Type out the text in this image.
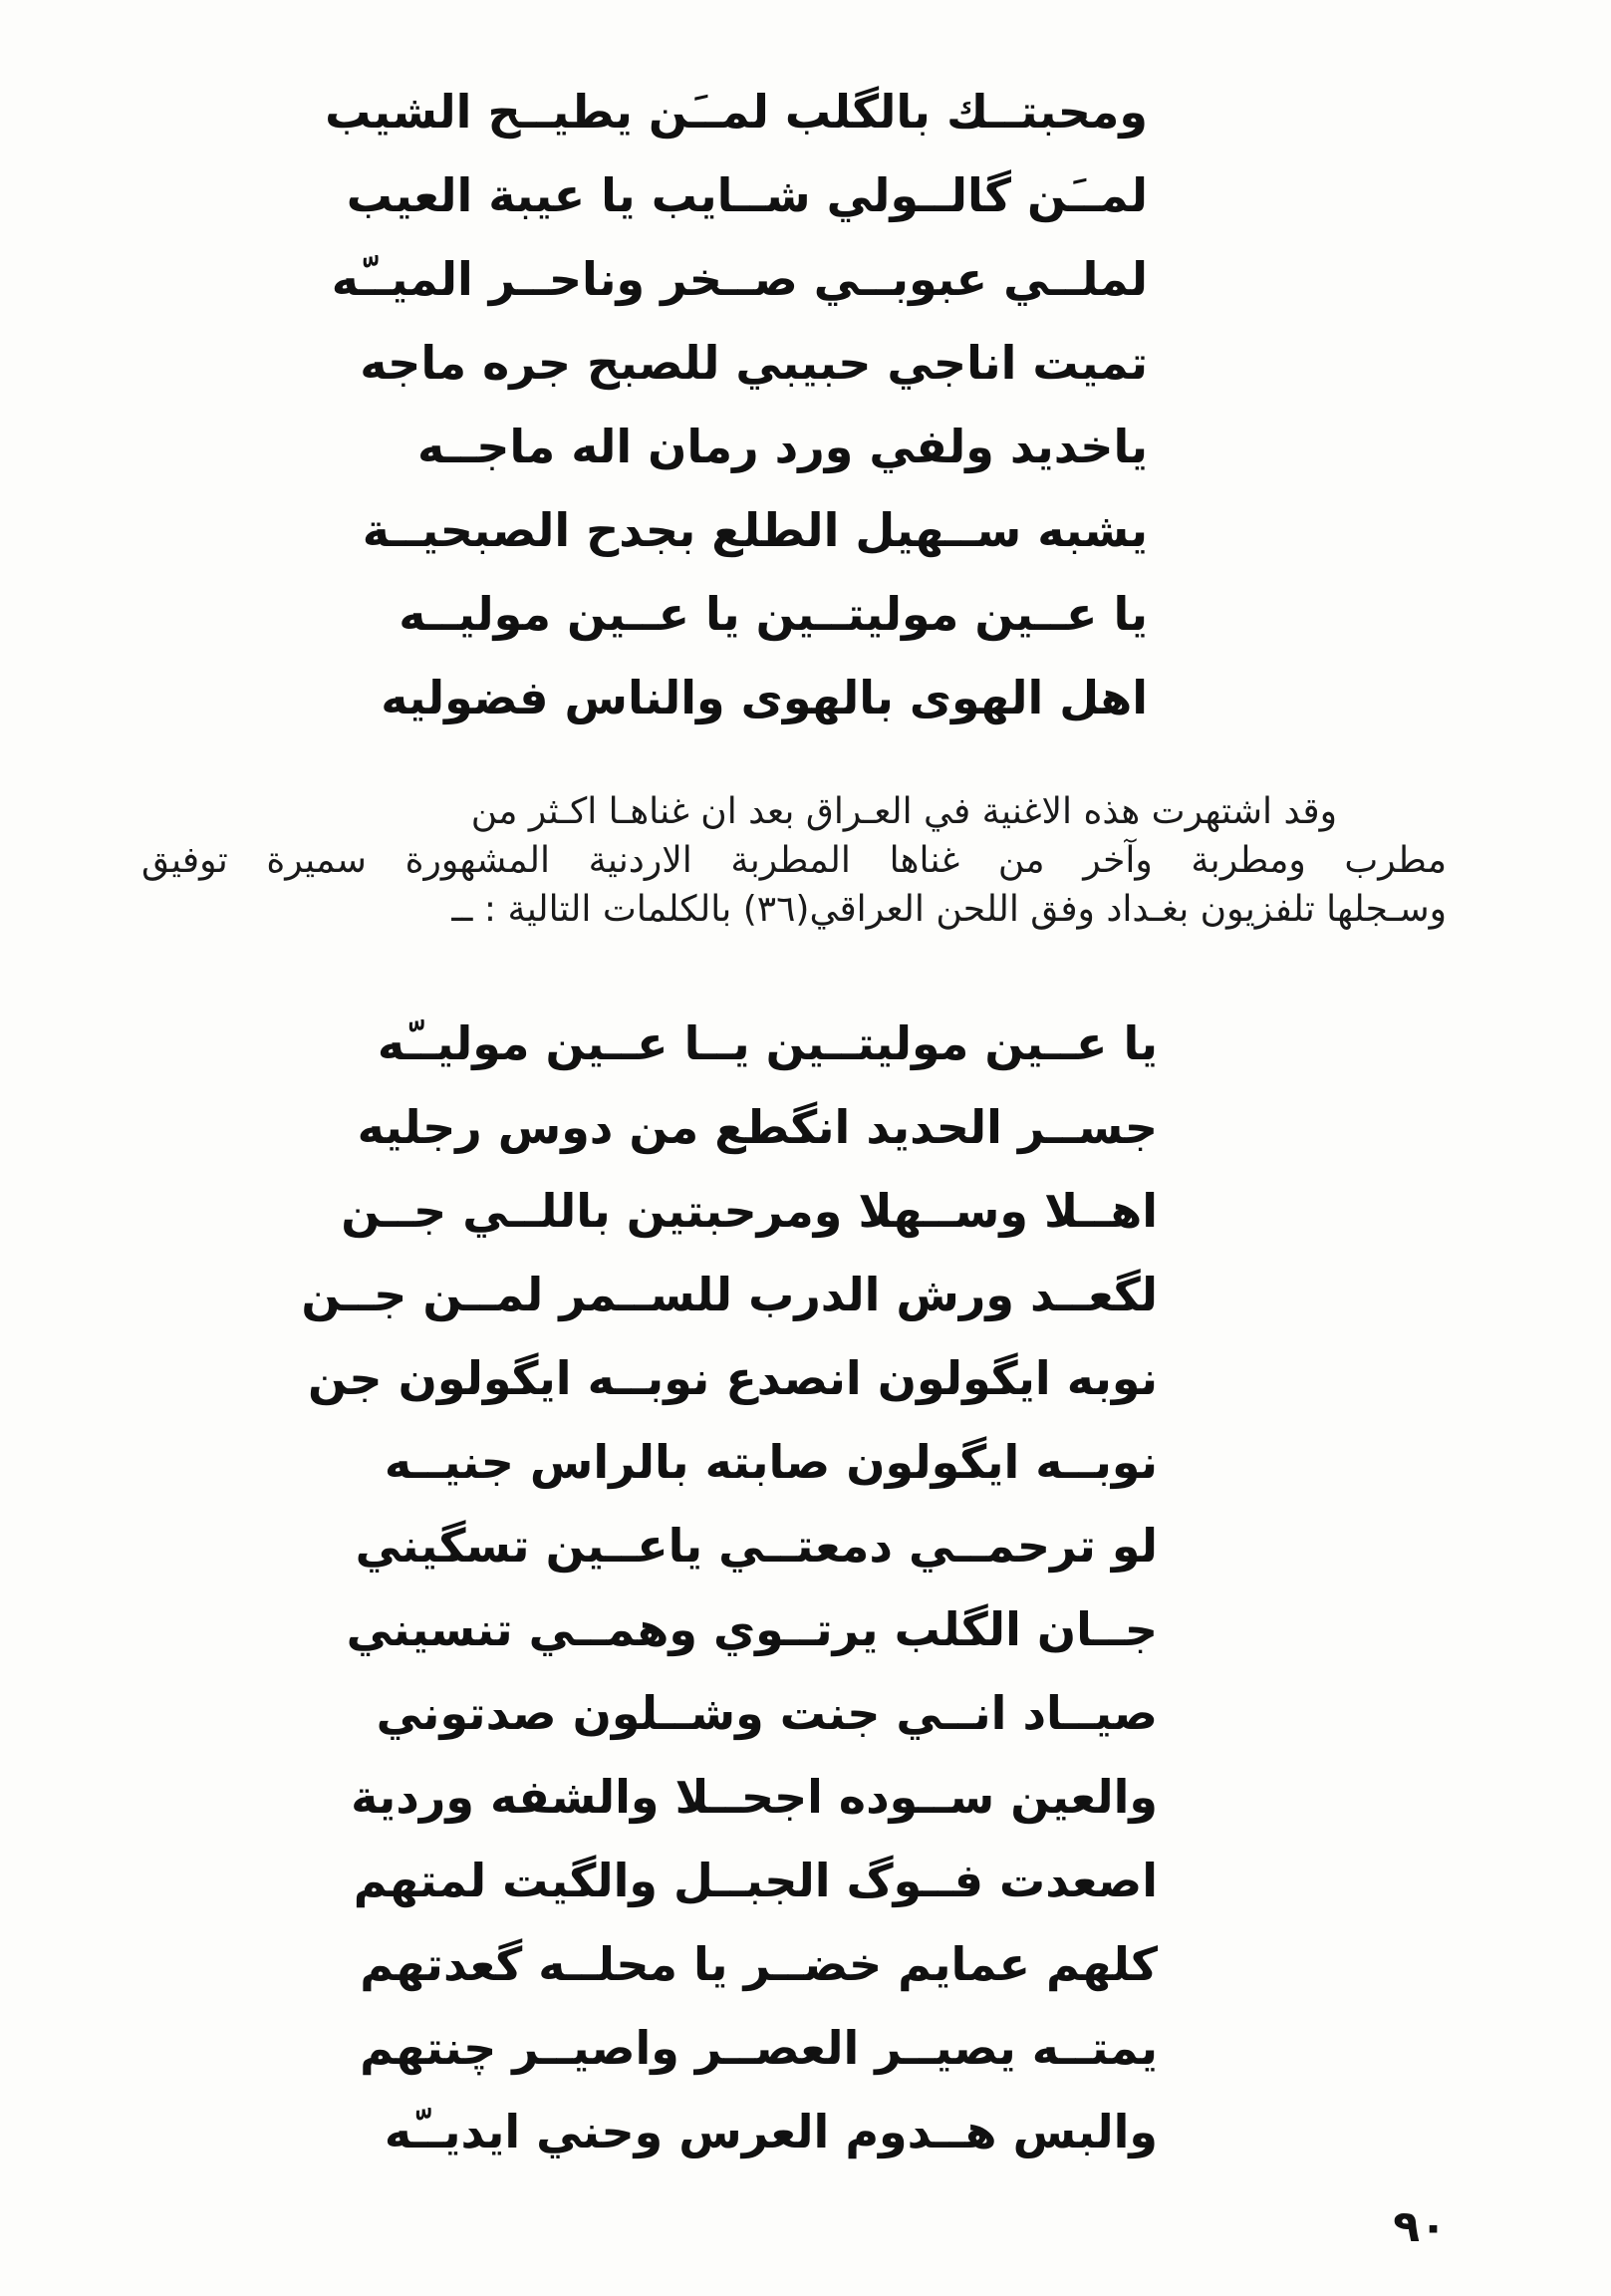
ومحبتــك بالگلب لمــَن يطيــح الشيب
لمــَن گالــولي شــايب يا عيبة العيب
لملــي عبوبــي صــخر وناحــر الميــّه
تميت اناجي حبيبي للصبح جره ماجه
ياخديد ولفي ورد رمان اله ماجــه
يشبه ســهيل الطلع بجدح الصبحيــة
يا عــين موليتــين يا عــين موليــه
اهل الهوى بالهوى والناس فضوليه
وقد اشتهرت هذه الاغنية في العـراق بعد ان غناهـا اكـثر من
مطرب ومطربة وآخر من غناها المطربة الاردنية المشهورة سميرة توفيق
وسـجلها تلفزيون بغـداد وفق اللحن العراقي(٣٦) بالكلمات التالية : ــ
يا عــين موليتــين يــا عــين موليــّه
جســر الحديد انگطع من دوس رجليه
اهــلا وســهلا ومرحبتين باللــي جــن
لگعــد ورش الدرب للســمر لمــن جــن
نوبه ايگولون انصدع نوبــه ايگولون جن
نوبــه ايگولون صابته بالراس جنيــه
لو ترحمــي دمعتــي ياعــين تسگيني
جــان الگلب يرتــوي وهمــي تنسيني
صيــاد انــي جنت وشــلون صدتوني
والعين ســوده اجحــلا والشفه وردية
اصعدت فــوگ الجبــل والگيت لمتهم
كلهم عمايم خضــر يا محلــه گعدتهم
يمتــه يصيــر العصــر واصيــر چنتهم
والبس هــدوم العرس وحني ايديــّه
٩٠
